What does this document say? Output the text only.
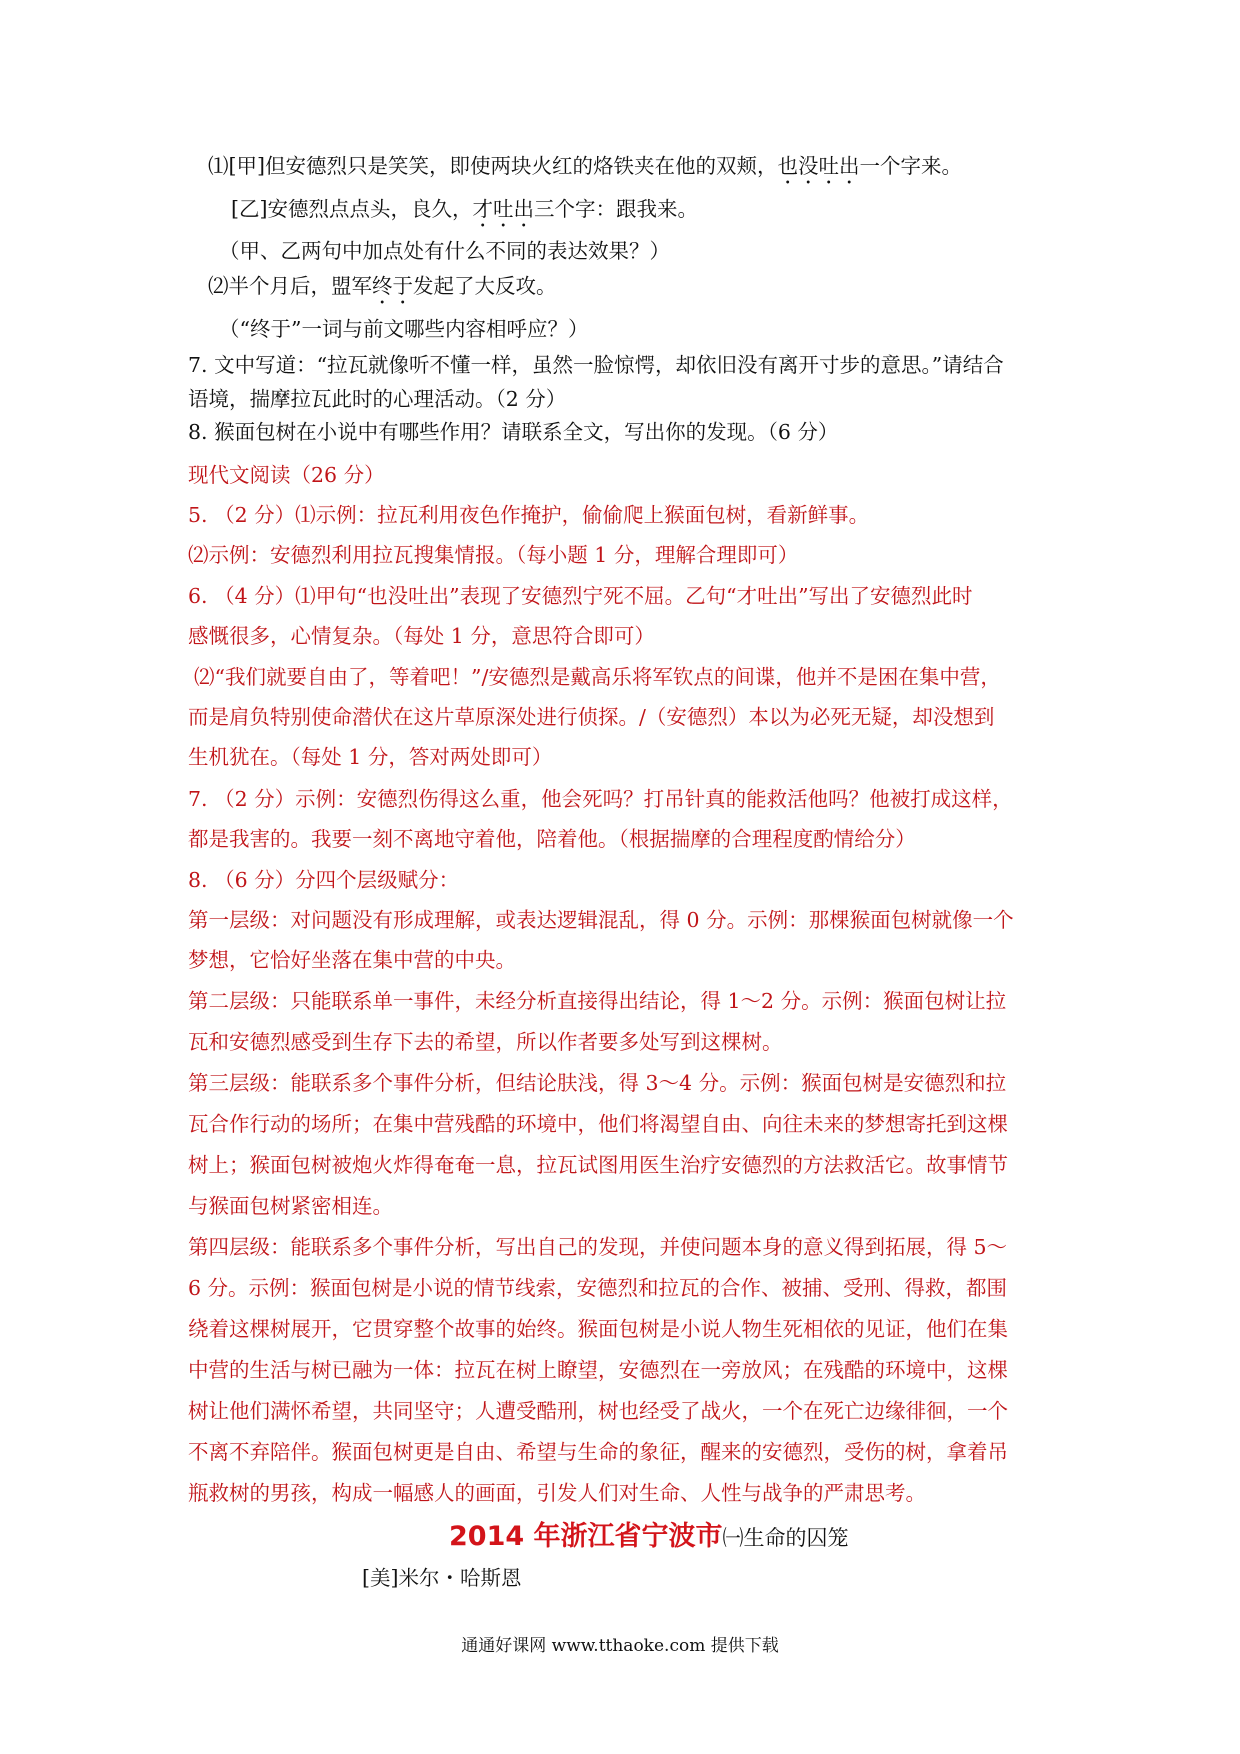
⑴[甲]但安德烈只是笑笑，即使两块火红的烙铁夹在他的双颊，也没吐出一个字来。
[乙]安德烈点点头，良久，才吐出三个字：跟我来。
（甲、乙两句中加点处有什么不同的表达效果？）
⑵半个月后，盟军终于发起了大反攻。
（“终于”一词与前文哪些内容相呼应？）
7. 文中写道：“拉瓦就像听不懂一样，虽然一脸惊愕，却依旧没有离开寸步的意思。”请结合
语境，揣摩拉瓦此时的心理活动。（2 分）
8. 猴面包树在小说中有哪些作用？请联系全文，写出你的发现。（6 分）
现代文阅读（26 分）
5. （2 分）⑴示例：拉瓦利用夜色作掩护，偷偷爬上猴面包树，看新鲜事。
⑵示例：安德烈利用拉瓦搜集情报。（每小题 1 分，理解合理即可）
6. （4 分）⑴甲句“也没吐出”表现了安德烈宁死不屈。乙句“才吐出”写出了安德烈此时
感慨很多，心情复杂。（每处 1 分，意思符合即可）
⑵“我们就要自由了，等着吧！”/安德烈是戴高乐将军钦点的间谍，他并不是困在集中营，
而是肩负特别使命潜伏在这片草原深处进行侦探。/（安德烈）本以为必死无疑，却没想到
生机犹在。（每处 1 分，答对两处即可）
7. （2 分）示例：安德烈伤得这么重，他会死吗？打吊针真的能救活他吗？他被打成这样，
都是我害的。我要一刻不离地守着他，陪着他。（根据揣摩的合理程度酌情给分）
8. （6 分）分四个层级赋分：
第一层级：对问题没有形成理解，或表达逻辑混乱，得 0 分。示例：那棵猴面包树就像一个
梦想，它恰好坐落在集中营的中央。
第二层级：只能联系单一事件，未经分析直接得出结论，得 1～2 分。示例：猴面包树让拉
瓦和安德烈感受到生存下去的希望，所以作者要多处写到这棵树。
第三层级：能联系多个事件分析，但结论肤浅，得 3～4 分。示例：猴面包树是安德烈和拉
瓦合作行动的场所；在集中营残酷的环境中，他们将渴望自由、向往未来的梦想寄托到这棵
树上；猴面包树被炮火炸得奄奄一息，拉瓦试图用医生治疗安德烈的方法救活它。故事情节
与猴面包树紧密相连。
第四层级：能联系多个事件分析，写出自己的发现，并使问题本身的意义得到拓展，得 5～
6 分。示例：猴面包树是小说的情节线索，安德烈和拉瓦的合作、被捕、受刑、得救，都围
绕着这棵树展开，它贯穿整个故事的始终。猴面包树是小说人物生死相依的见证，他们在集
中营的生活与树已融为一体：拉瓦在树上瞭望，安德烈在一旁放风；在残酷的环境中，这棵
树让他们满怀希望，共同坚守；人遭受酷刑，树也经受了战火，一个在死亡边缘徘徊，一个
不离不弃陪伴。猴面包树更是自由、希望与生命的象征，醒来的安德烈，受伤的树，拿着吊
瓶救树的男孩，构成一幅感人的画面，引发人们对生命、人性与战争的严肃思考。
2014 年浙江省宁波市㈠生命的囚笼
[美]米尔・哈斯恩
通通好课网 www.tthaoke.com 提供下载
